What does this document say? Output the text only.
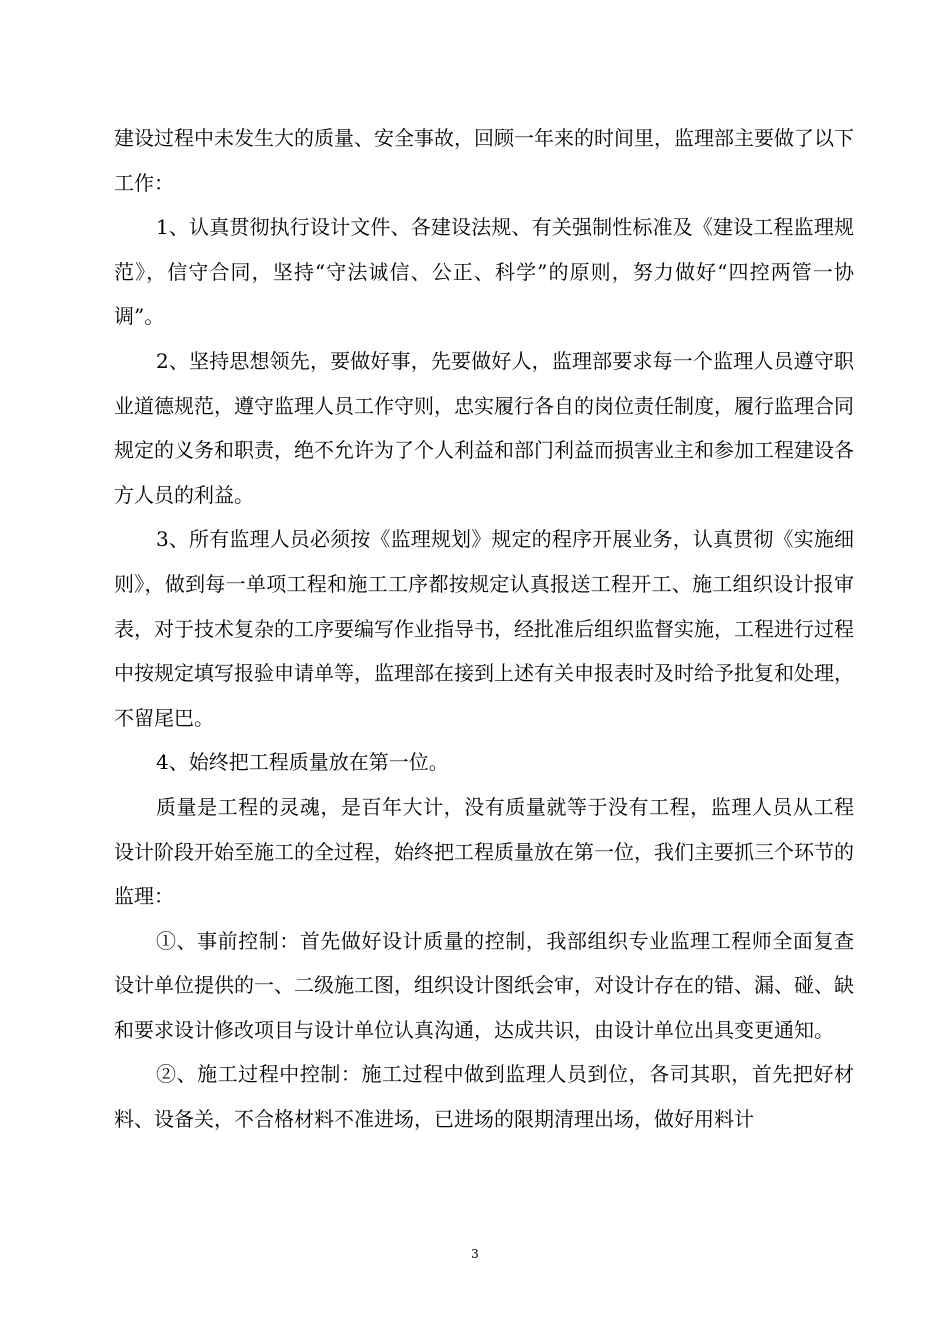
建设过程中未发生大的质量、安全事故，回顾一年来的时间里，监理部主要做了以下工作：

1、认真贯彻执行设计文件、各建设法规、有关强制性标准及《建设工程监理规范》，信守合同，坚持“守法诚信、公正、科学”的原则，努力做好“四控两管一协调”。

2、坚持思想领先，要做好事，先要做好人，监理部要求每一个监理人员遵守职业道德规范，遵守监理人员工作守则，忠实履行各自的岗位责任制度，履行监理合同规定的义务和职责，绝不允许为了个人利益和部门利益而损害业主和参加工程建设各方人员的利益。

3、所有监理人员必须按《监理规划》规定的程序开展业务，认真贯彻《实施细则》，做到每一单项工程和施工工序都按规定认真报送工程开工、施工组织设计报审表，对于技术复杂的工序要编写作业指导书，经批准后组织监督实施，工程进行过程中按规定填写报验申请单等，监理部在接到上述有关申报表时及时给予批复和处理，不留尾巴。

4、始终把工程质量放在第一位。

质量是工程的灵魂，是百年大计，没有质量就等于没有工程，监理人员从工程设计阶段开始至施工的全过程，始终把工程质量放在第一位，我们主要抓三个环节的监理：

①、事前控制：首先做好设计质量的控制，我部组织专业监理工程师全面复查设计单位提供的一、二级施工图，组织设计图纸会审，对设计存在的错、漏、碰、缺和要求设计修改项目与设计单位认真沟通，达成共识，由设计单位出具变更通知。

②、施工过程中控制：施工过程中做到监理人员到位，各司其职，首先把好材料、设备关，不合格材料不准进场，已进场的限期清理出场，做好用料计

3
